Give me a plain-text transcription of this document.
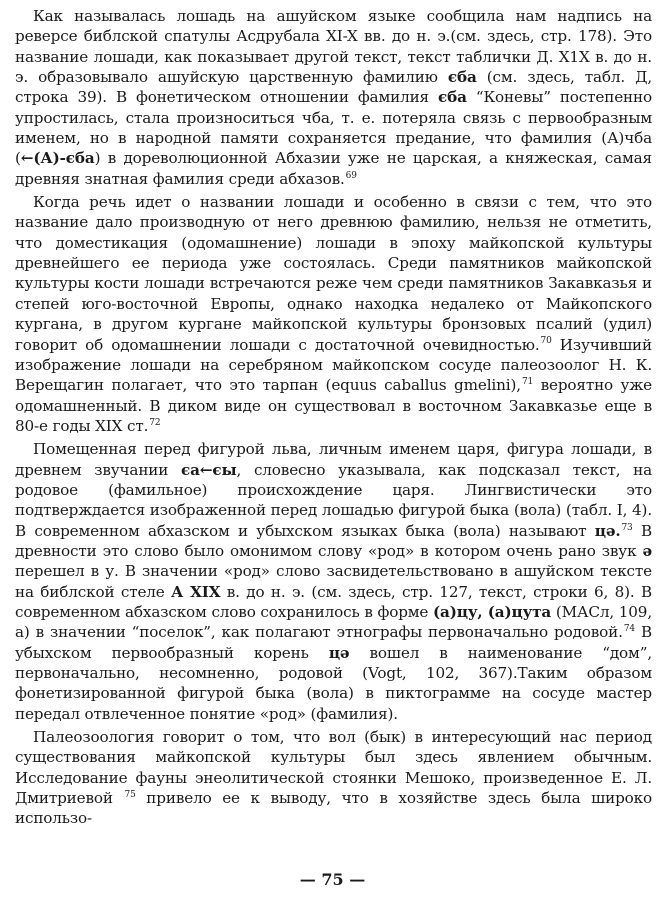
Как называлась лошадь на ашуйском языке сообщила нам надпись на реверсе библской спатулы Асдрубала XI-X вв. до н. э.(см. здесь, стр. 178). Это название лошади, как показывает другой текст, текст таблички Д. X1X в. до н. э. образовывало ашуйскую царственную фамилию єба (см. здесь, табл. Д, строка 39). В фонетическом отношении фамилия єба “Коневы” постепенно упростилась, стала произноситься чба, т. е. потеряла связь с первообразным именем, но в народной памяти сохраняется предание, что фамилия (А)чба (←(А)-єба) в дореволюционной Абхазии уже не царская, а княжеская, самая древняя знатная фамилия среди абхазов.$^{69}$

Когда речь идет о названии лошади и особенно в связи с тем, что это название дало производную от него древнюю фамилию, нельзя не отметить, что доместикация (одомашнение) лошади в эпоху майкопской культуры древнейшего ее периода уже состоялась. Среди памятников майкопской культуры кости лошади встречаются реже чем среди памятников Закавказья и степей юго-восточной Европы, однако находка недалеко от Майкопского кургана, в другом кургане майкопской культуры бронзовых псалий (удил) говорит об одомашнении лошади с достаточной очевидностью.$^{70}$ Изучивший изображение лошади на серебряном майкопском сосуде палеозоолог Н. К. Верещагин полагает, что это тарпан (equus caballus gmelini),$^{71}$ вероятно уже одомашненный. В диком виде он существовал в восточном Закавказье еще в 80-е годы XIX ст.$^{72}$

Помещенная перед фигурой льва, личным именем царя, фигура лошади, в древнем звучании єа←єы, словесно указывала, как подсказал текст, на родовое (фамильное) происхождение царя. Лингвистически это подтверждается изображенной перед лошадью фигурой быка (вола) (табл. I, 4). В современном абхазском и убыхском языках быка (вола) называют цә.$^{73}$ В древности это слово было омонимом слову «род» в котором очень рано звук ә перешел в у. В значении «род» слово засвидетельствовано в ашуйском тексте на библской стеле А XIX в. до н. э. (см. здесь, стр. 127, текст, строки 6, 8). В современном абхазском слово сохранилось в форме (а)цу, (а)цута (МАСл, 109, а) в значении “поселок”, как полагают этнографы первоначально родовой.$^{74}$ В убыхском первообразный корень цә вошел в наименование “дом”, первоначально, несомненно, родовой (Vogt, 102, 367).Таким образом фонетизированной фигурой быка (вола) в пиктограмме на сосуде мастер передал отвлеченное понятие «род» (фамилия).

Палеозоология говорит о том, что вол (бык) в интересующий нас период существования майкопской культуры был здесь явлением обычным. Исследование фауны энеолитической стоянки Мешоко, произведенное Е. Л. Дмитриевой $^{75}$ привело ее к выводу, что в хозяйстве здесь была широко использо-

— 75 —
